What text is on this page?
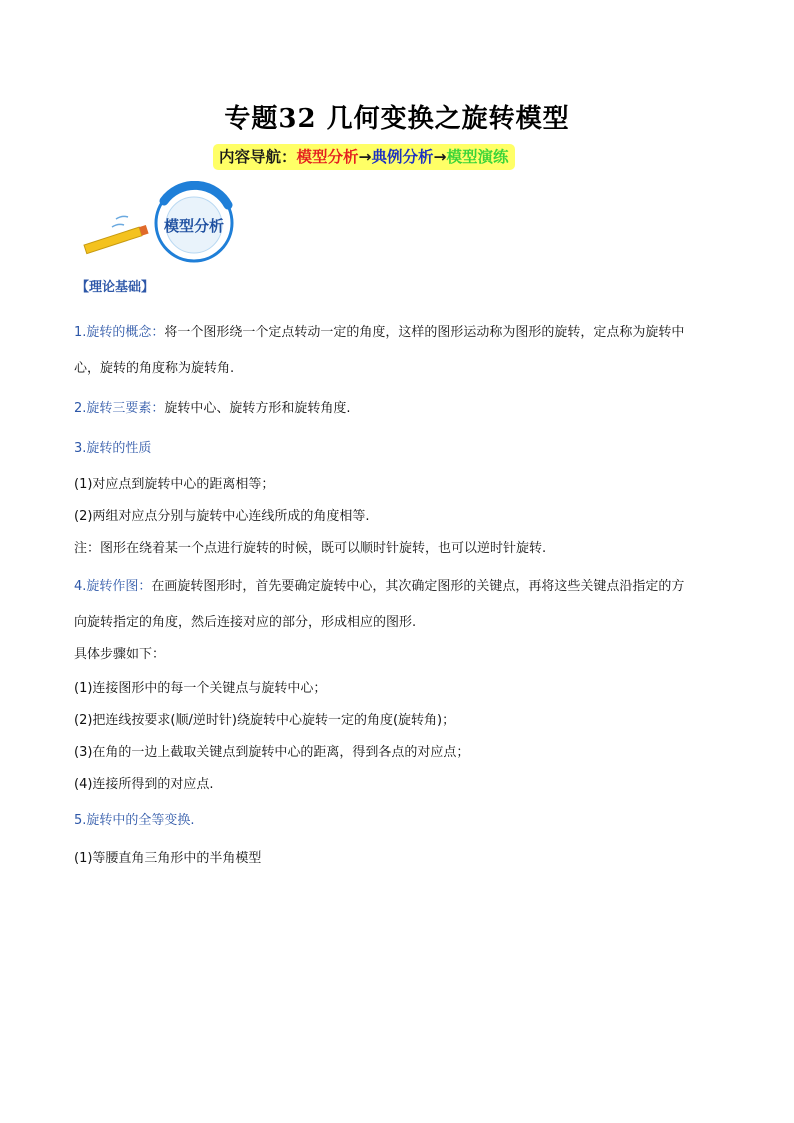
专题32 几何变换之旋转模型
内容导航：模型分析→典例分析→模型演练
模型分析
【理论基础】
1.旋转的概念：将一个图形绕一个定点转动一定的角度，这样的图形运动称为图形的旋转，定点称为旋转中
心，旋转的角度称为旋转角.
2.旋转三要素：旋转中心、旋转方形和旋转角度.
3.旋转的性质
(1)对应点到旋转中心的距离相等；
(2)两组对应点分别与旋转中心连线所成的角度相等.
注：图形在绕着某一个点进行旋转的时候，既可以顺时针旋转，也可以逆时针旋转.
4.旋转作图：在画旋转图形时，首先要确定旋转中心，其次确定图形的关键点，再将这些关键点沿指定的方
向旋转指定的角度，然后连接对应的部分，形成相应的图形.
具体步骤如下：
(1)连接图形中的每一个关键点与旋转中心；
(2)把连线按要求(顺/逆时针)绕旋转中心旋转一定的角度(旋转角)；
(3)在角的一边上截取关键点到旋转中心的距离，得到各点的对应点；
(4)连接所得到的对应点.
5.旋转中的全等变换.
(1)等腰直角三角形中的半角模型
